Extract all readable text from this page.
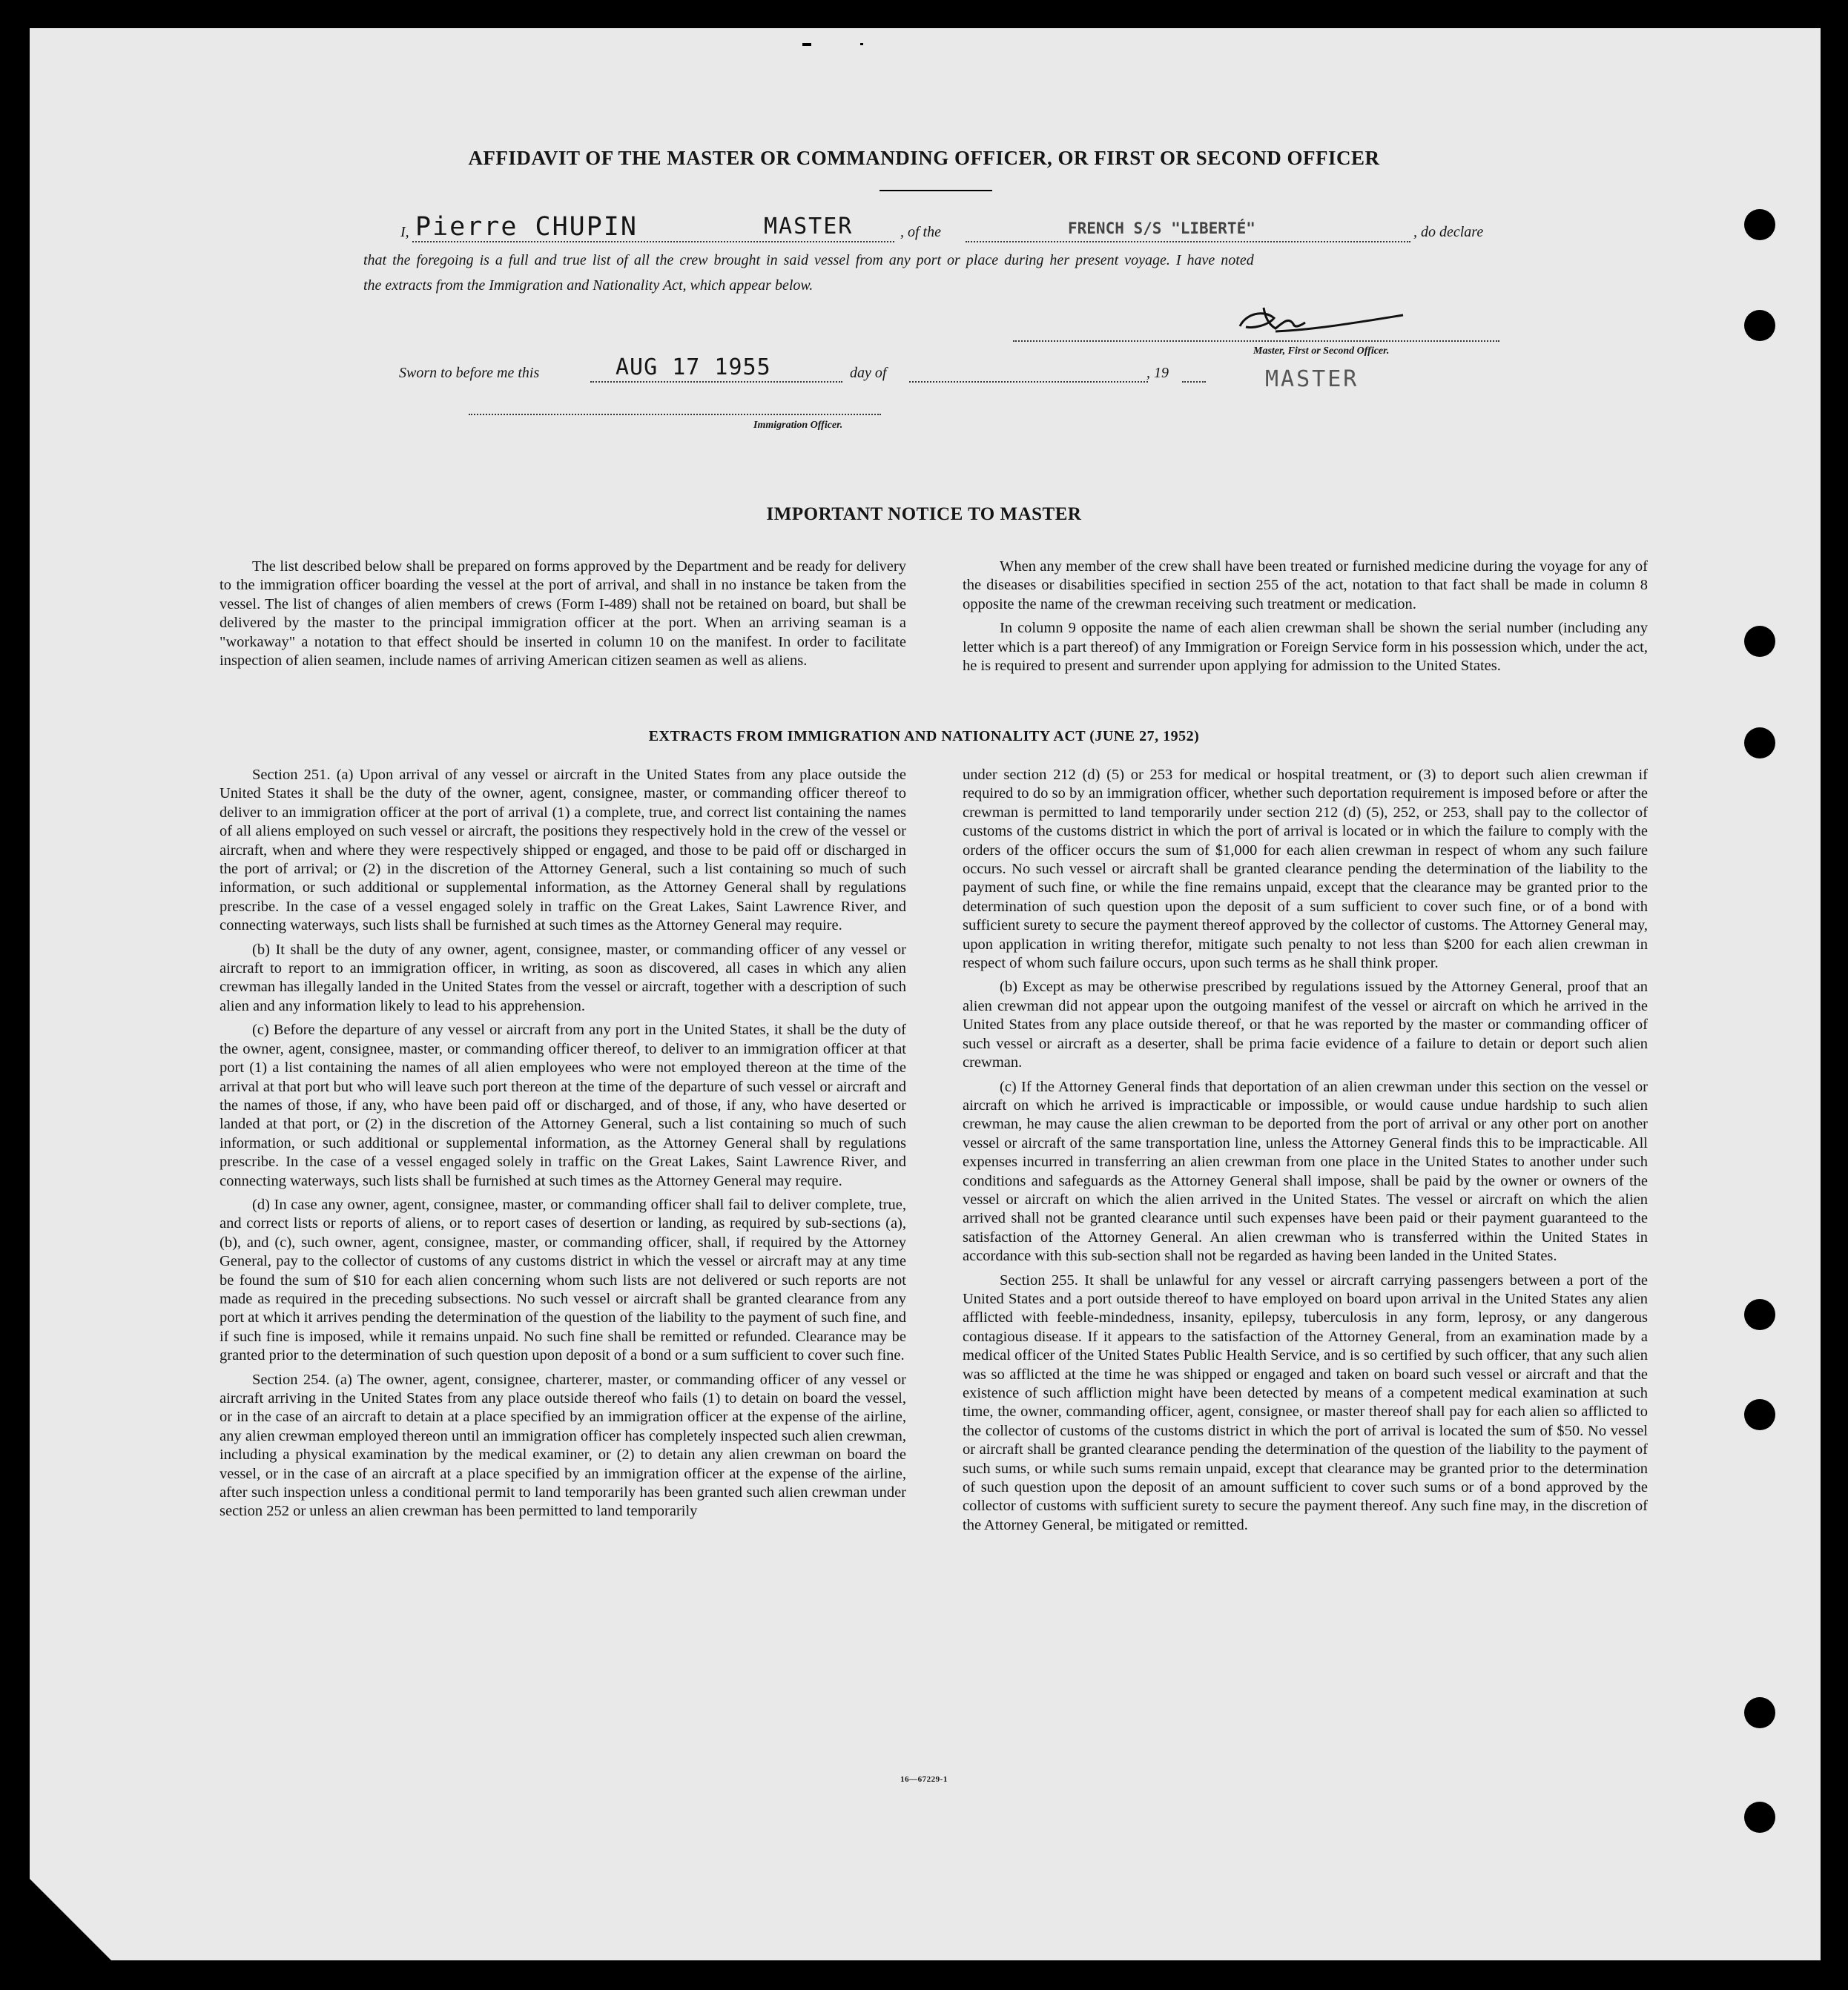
AFFIDAVIT OF THE MASTER OR COMMANDING OFFICER, OR FIRST OR SECOND OFFICER
I, Pierre CHUPIN	MASTER	, of the	FRENCH S/S "LIBERTÉ"	, do declare
that the foregoing is a full and true list of all the crew brought in said vessel from any port or place during her present voyage. I have noted
the extracts from the Immigration and Nationality Act, which appear below.
Master, First or Second Officer.
MASTER
Sworn to before me this	AUG 17 1955	day of	, 19
Immigration Officer.
IMPORTANT NOTICE TO MASTER

The list described below shall be prepared on forms approved by the Department and be ready for delivery to the immigration officer boarding the vessel at the port of arrival, and shall in no instance be taken from the vessel. The list of changes of alien members of crews (Form I-489) shall not be retained on board, but shall be delivered by the master to the principal immigration officer at the port. When an arriving seaman is a "workaway" a notation to that effect should be inserted in column 10 on the manifest. In order to facilitate inspection of alien seamen, include names of arriving American citizen seamen as well as aliens.

When any member of the crew shall have been treated or furnished medicine during the voyage for any of the diseases or disabilities specified in section 255 of the act, notation to that fact shall be made in column 8 opposite the name of the crewman receiving such treatment or medication.

In column 9 opposite the name of each alien crewman shall be shown the serial number (including any letter which is a part thereof) of any Immigration or Foreign Service form in his possession which, under the act, he is required to present and surrender upon applying for admission to the United States.

EXTRACTS FROM IMMIGRATION AND NATIONALITY ACT (JUNE 27, 1952)

Section 251. (a) Upon arrival of any vessel or aircraft in the United States from any place outside the United States it shall be the duty of the owner, agent, consignee, master, or commanding officer thereof to deliver to an immigration officer at the port of arrival (1) a complete, true, and correct list containing the names of all aliens employed on such vessel or aircraft, the positions they respectively hold in the crew of the vessel or aircraft, when and where they were respectively shipped or engaged, and those to be paid off or discharged in the port of arrival; or (2) in the discretion of the Attorney General, such a list containing so much of such information, or such additional or supplemental information, as the Attorney General shall by regulations prescribe. In the case of a vessel engaged solely in traffic on the Great Lakes, Saint Lawrence River, and connecting waterways, such lists shall be furnished at such times as the Attorney General may require.

(b) It shall be the duty of any owner, agent, consignee, master, or commanding officer of any vessel or aircraft to report to an immigration officer, in writing, as soon as discovered, all cases in which any alien crewman has illegally landed in the United States from the vessel or aircraft, together with a description of such alien and any information likely to lead to his apprehension.

(c) Before the departure of any vessel or aircraft from any port in the United States, it shall be the duty of the owner, agent, consignee, master, or commanding officer thereof, to deliver to an immigration officer at that port (1) a list containing the names of all alien employees who were not employed thereon at the time of the arrival at that port but who will leave such port thereon at the time of the departure of such vessel or aircraft and the names of those, if any, who have been paid off or discharged, and of those, if any, who have deserted or landed at that port, or (2) in the discretion of the Attorney General, such a list containing so much of such information, or such additional or supplemental information, as the Attorney General shall by regulations prescribe. In the case of a vessel engaged solely in traffic on the Great Lakes, Saint Lawrence River, and connecting waterways, such lists shall be furnished at such times as the Attorney General may require.

(d) In case any owner, agent, consignee, master, or commanding officer shall fail to deliver complete, true, and correct lists or reports of aliens, or to report cases of desertion or landing, as required by sub-sections (a), (b), and (c), such owner, agent, consignee, master, or commanding officer, shall, if required by the Attorney General, pay to the collector of customs of any customs district in which the vessel or aircraft may at any time be found the sum of $10 for each alien concerning whom such lists are not delivered or such reports are not made as required in the preceding subsections. No such vessel or aircraft shall be granted clearance from any port at which it arrives pending the determination of the question of the liability to the payment of such fine, and if such fine is imposed, while it remains unpaid. No such fine shall be remitted or refunded. Clearance may be granted prior to the determination of such question upon deposit of a bond or a sum sufficient to cover such fine.

Section 254. (a) The owner, agent, consignee, charterer, master, or commanding officer of any vessel or aircraft arriving in the United States from any place outside thereof who fails (1) to detain on board the vessel, or in the case of an aircraft to detain at a place specified by an immigration officer at the expense of the airline, any alien crewman employed thereon until an immigration officer has completely inspected such alien crewman, including a physical examination by the medical examiner, or (2) to detain any alien crewman on board the vessel, or in the case of an aircraft at a place specified by an immigration officer at the expense of the airline, after such inspection unless a conditional permit to land temporarily has been granted such alien crewman under section 252 or unless an alien crewman has been permitted to land temporarily

under section 212 (d) (5) or 253 for medical or hospital treatment, or (3) to deport such alien crewman if required to do so by an immigration officer, whether such deportation requirement is imposed before or after the crewman is permitted to land temporarily under section 212 (d) (5), 252, or 253, shall pay to the collector of customs of the customs district in which the port of arrival is located or in which the failure to comply with the orders of the officer occurs the sum of $1,000 for each alien crewman in respect of whom any such failure occurs. No such vessel or aircraft shall be granted clearance pending the determination of the liability to the payment of such fine, or while the fine remains unpaid, except that the clearance may be granted prior to the determination of such question upon the deposit of a sum sufficient to cover such fine, or of a bond with sufficient surety to secure the payment thereof approved by the collector of customs. The Attorney General may, upon application in writing therefor, mitigate such penalty to not less than $200 for each alien crewman in respect of whom such failure occurs, upon such terms as he shall think proper.

(b) Except as may be otherwise prescribed by regulations issued by the Attorney General, proof that an alien crewman did not appear upon the outgoing manifest of the vessel or aircraft on which he arrived in the United States from any place outside thereof, or that he was reported by the master or commanding officer of such vessel or aircraft as a deserter, shall be prima facie evidence of a failure to detain or deport such alien crewman.

(c) If the Attorney General finds that deportation of an alien crewman under this section on the vessel or aircraft on which he arrived is impracticable or impossible, or would cause undue hardship to such alien crewman, he may cause the alien crewman to be deported from the port of arrival or any other port on another vessel or aircraft of the same transportation line, unless the Attorney General finds this to be impracticable. All expenses incurred in transferring an alien crewman from one place in the United States to another under such conditions and safeguards as the Attorney General shall impose, shall be paid by the owner or owners of the vessel or aircraft on which the alien arrived in the United States. The vessel or aircraft on which the alien arrived shall not be granted clearance until such expenses have been paid or their payment guaranteed to the satisfaction of the Attorney General. An alien crewman who is transferred within the United States in accordance with this sub-section shall not be regarded as having been landed in the United States.

Section 255. It shall be unlawful for any vessel or aircraft carrying passengers between a port of the United States and a port outside thereof to have employed on board upon arrival in the United States any alien afflicted with feeble-mindedness, insanity, epilepsy, tuberculosis in any form, leprosy, or any dangerous contagious disease. If it appears to the satisfaction of the Attorney General, from an examination made by a medical officer of the United States Public Health Service, and is so certified by such officer, that any such alien was so afflicted at the time he was shipped or engaged and taken on board such vessel or aircraft and that the existence of such affliction might have been detected by means of a competent medical examination at such time, the owner, commanding officer, agent, consignee, or master thereof shall pay for each alien so afflicted to the collector of customs of the customs district in which the port of arrival is located the sum of $50. No vessel or aircraft shall be granted clearance pending the determination of the question of the liability to the payment of such sums, or while such sums remain unpaid, except that clearance may be granted prior to the determination of such question upon the deposit of an amount sufficient to cover such sums or of a bond approved by the collector of customs with sufficient surety to secure the payment thereof. Any such fine may, in the discretion of the Attorney General, be mitigated or remitted.

16—67229-1
